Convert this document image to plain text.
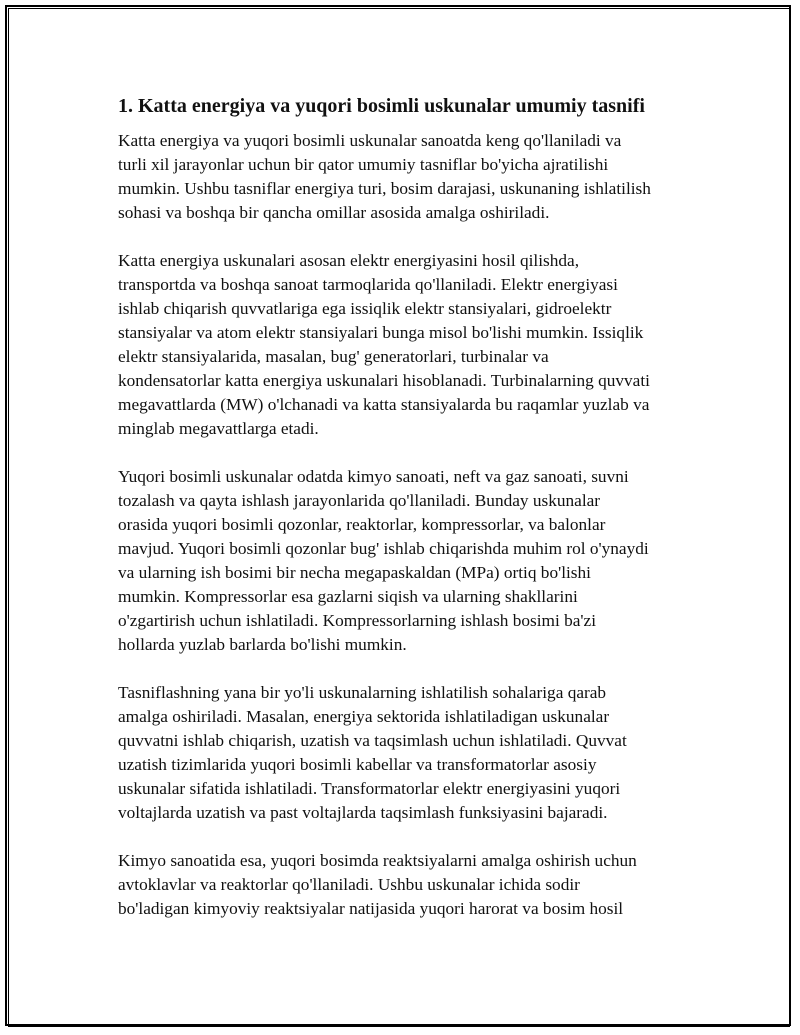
1. Katta energiya va yuqori bosimli uskunalar umumiy tasnifi

Katta energiya va yuqori bosimli uskunalar sanoatda keng qo'llaniladi va
turli xil jarayonlar uchun bir qator umumiy tasniflar bo'yicha ajratilishi
mumkin. Ushbu tasniflar energiya turi, bosim darajasi, uskunaning ishlatilish
sohasi va boshqa bir qancha omillar asosida amalga oshiriladi.

Katta energiya uskunalari asosan elektr energiyasini hosil qilishda,
transportda va boshqa sanoat tarmoqlarida qo'llaniladi. Elektr energiyasi
ishlab chiqarish quvvatlariga ega issiqlik elektr stansiyalari, gidroelektr
stansiyalar va atom elektr stansiyalari bunga misol bo'lishi mumkin. Issiqlik
elektr stansiyalarida, masalan, bug' generatorlari, turbinalar va
kondensatorlar katta energiya uskunalari hisoblanadi. Turbinalarning quvvati
megavattlarda (MW) o'lchanadi va katta stansiyalarda bu raqamlar yuzlab va
minglab megavattlarga etadi.

Yuqori bosimli uskunalar odatda kimyo sanoati, neft va gaz sanoati, suvni
tozalash va qayta ishlash jarayonlarida qo'llaniladi. Bunday uskunalar
orasida yuqori bosimli qozonlar, reaktorlar, kompressorlar, va balonlar
mavjud. Yuqori bosimli qozonlar bug' ishlab chiqarishda muhim rol o'ynaydi
va ularning ish bosimi bir necha megapaskaldan (MPa) ortiq bo'lishi
mumkin. Kompressorlar esa gazlarni siqish va ularning shakllarini
o'zgartirish uchun ishlatiladi. Kompressorlarning ishlash bosimi ba'zi
hollarda yuzlab barlarda bo'lishi mumkin.

Tasniflashning yana bir yo'li uskunalarning ishlatilish sohalariga qarab
amalga oshiriladi. Masalan, energiya sektorida ishlatiladigan uskunalar
quvvatni ishlab chiqarish, uzatish va taqsimlash uchun ishlatiladi. Quvvat
uzatish tizimlarida yuqori bosimli kabellar va transformatorlar asosiy
uskunalar sifatida ishlatiladi. Transformatorlar elektr energiyasini yuqori
voltajlarda uzatish va past voltajlarda taqsimlash funksiyasini bajaradi.

Kimyo sanoatida esa, yuqori bosimda reaktsiyalarni amalga oshirish uchun
avtoklavlar va reaktorlar qo'llaniladi. Ushbu uskunalar ichida sodir
bo'ladigan kimyoviy reaktsiyalar natijasida yuqori harorat va bosim hosil
